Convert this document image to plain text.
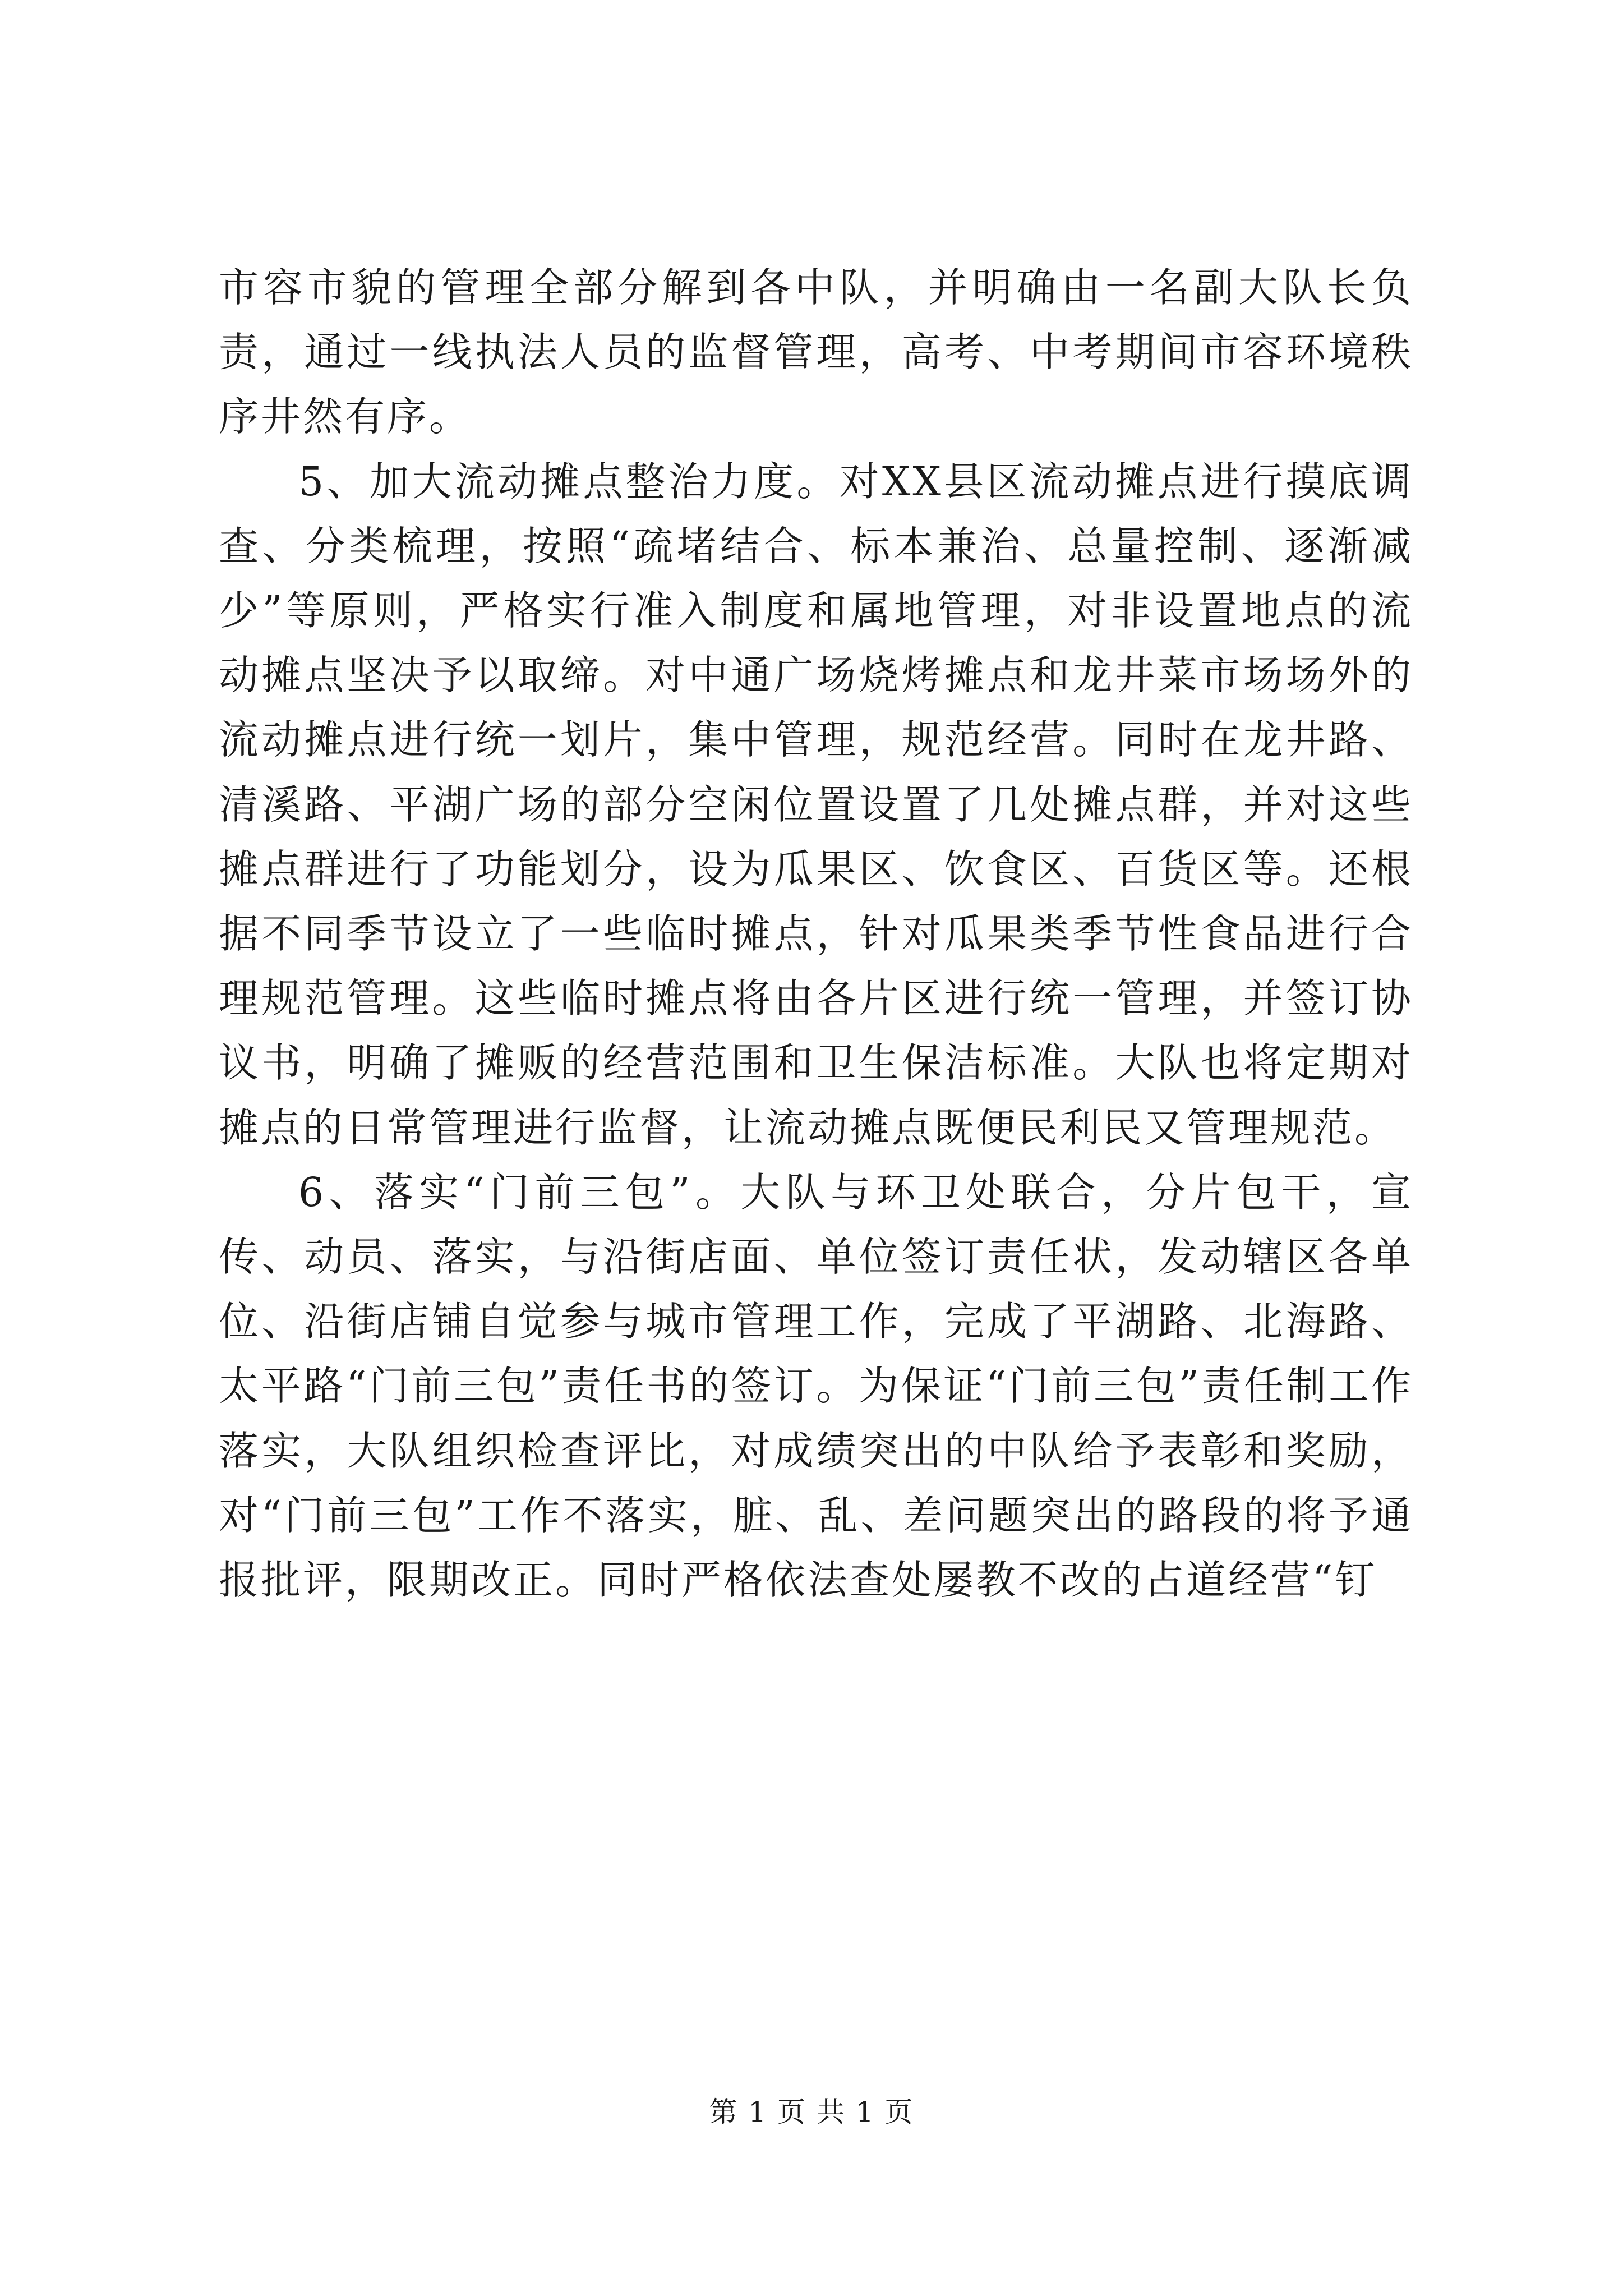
市容市貌的管理全部分解到各中队，并明确由一名副大队长负责，通过一线执法人员的监督管理，高考、中考期间市容环境秩序井然有序。

5、加大流动摊点整治力度。对XX县区流动摊点进行摸底调查、分类梳理，按照“疏堵结合、标本兼治、总量控制、逐渐减少”等原则，严格实行准入制度和属地管理，对非设置地点的流动摊点坚决予以取缔。对中通广场烧烤摊点和龙井菜市场场外的流动摊点进行统一划片，集中管理，规范经营。同时在龙井路、清溪路、平湖广场的部分空闲位置设置了几处摊点群，并对这些摊点群进行了功能划分，设为瓜果区、饮食区、百货区等。还根据不同季节设立了一些临时摊点，针对瓜果类季节性食品进行合理规范管理。这些临时摊点将由各片区进行统一管理，并签订协议书，明确了摊贩的经营范围和卫生保洁标准。大队也将定期对摊点的日常管理进行监督，让流动摊点既便民利民又管理规范。

6、落实“门前三包”。大队与环卫处联合，分片包干，宣传、动员、落实，与沿街店面、单位签订责任状，发动辖区各单位、沿街店铺自觉参与城市管理工作，完成了平湖路、北海路、太平路“门前三包”责任书的签订。为保证“门前三包”责任制工作落实，大队组织检查评比，对成绩突出的中队给予表彰和奖励，对“门前三包”工作不落实，脏、乱、差问题突出的路段的将予通报批评，限期改正。同时严格依法查处屡教不改的占道经营“钉

第 1 页 共 1 页
